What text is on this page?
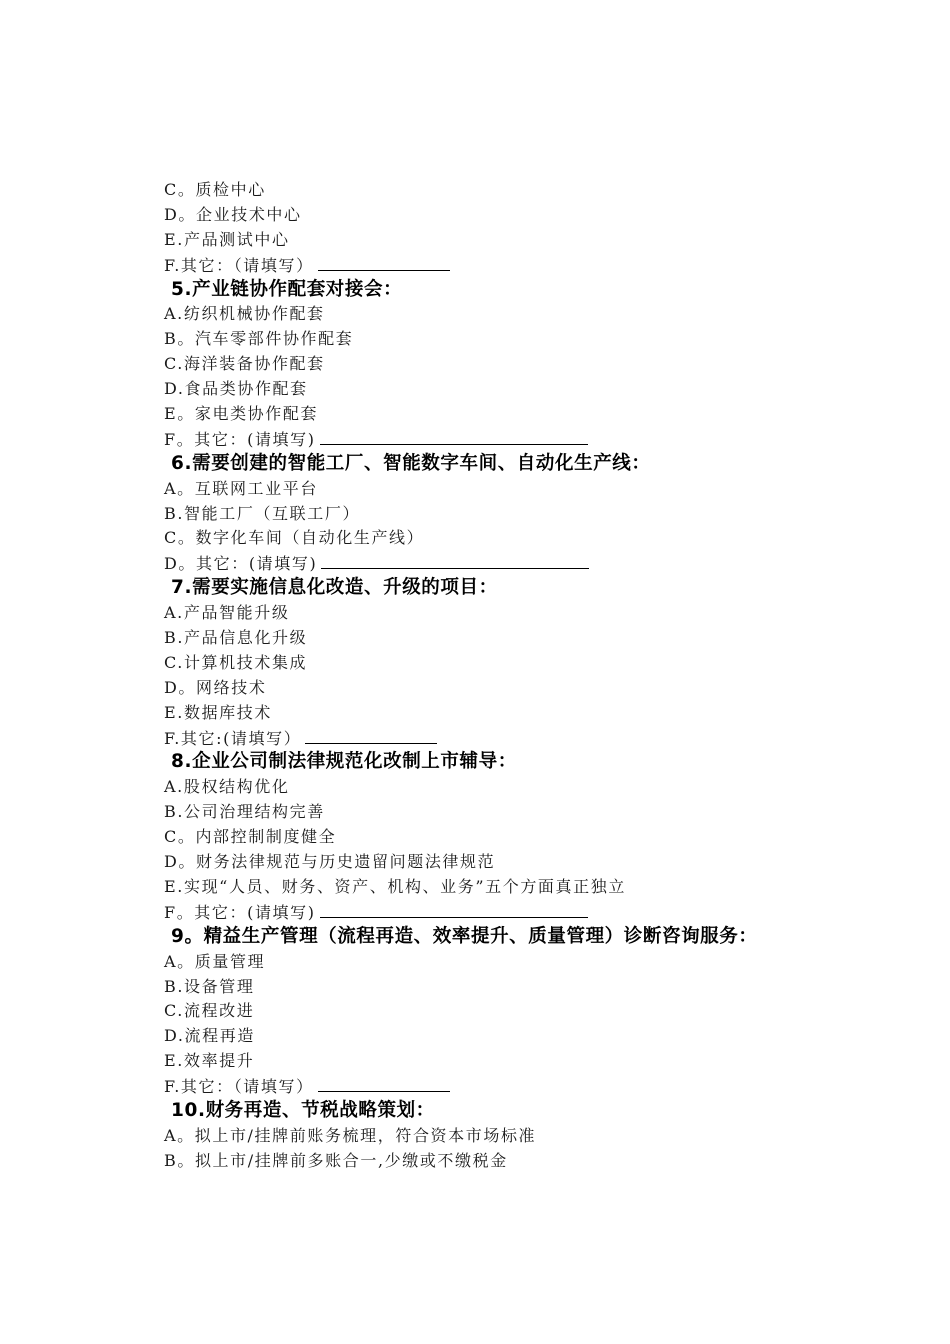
C。质检中心
D。企业技术中心
E.产品测试中心
F.其它：（请填写）
5.产业链协作配套对接会：
A.纺织机械协作配套
B。汽车零部件协作配套
C.海洋装备协作配套
D.食品类协作配套
E。家电类协作配套
F。其它：(请填写)
6.需要创建的智能工厂、智能数字车间、自动化生产线：
A。互联网工业平台
B.智能工厂（互联工厂）
C。数字化车间（自动化生产线）
D。其它：(请填写)
7.需要实施信息化改造、升级的项目：
A.产品智能升级
B.产品信息化升级
C.计算机技术集成
D。网络技术
E.数据库技术
F.其它:(请填写）
8.企业公司制法律规范化改制上市辅导：
A.股权结构优化
B.公司治理结构完善
C。内部控制制度健全
D。财务法律规范与历史遗留问题法律规范
E.实现“人员、财务、资产、机构、业务”五个方面真正独立
F。其它：(请填写)
9。精益生产管理（流程再造、效率提升、质量管理）诊断咨询服务：
A。质量管理
B.设备管理
C.流程改进
D.流程再造
E.效率提升
F.其它：（请填写）
10.财务再造、节税战略策划：
A。拟上市/挂牌前账务梳理，符合资本市场标准
B。拟上市/挂牌前多账合一,少缴或不缴税金
